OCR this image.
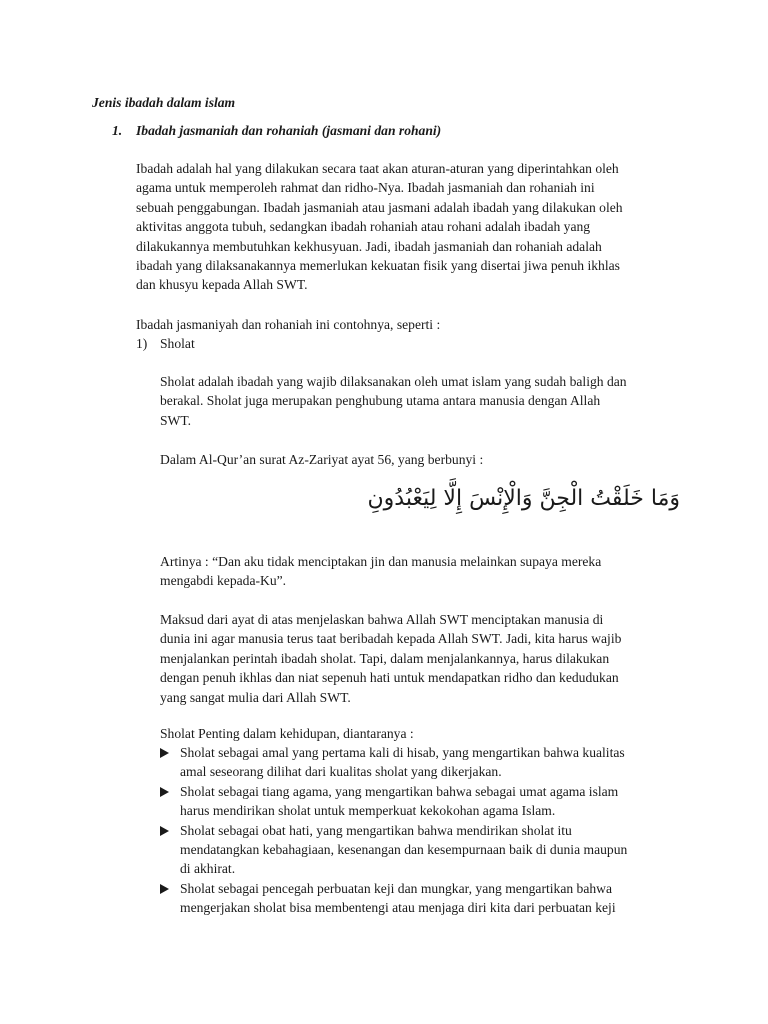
Jenis ibadah dalam islam
1. Ibadah jasmaniah dan rohaniah (jasmani dan rohani)

Ibadah adalah hal yang dilakukan secara taat akan aturan-aturan yang diperintahkan oleh

agama untuk memperoleh rahmat dan ridho-Nya. Ibadah jasmaniah dan rohaniah ini

sebuah penggabungan. Ibadah jasmaniah atau jasmani adalah ibadah yang dilakukan oleh

aktivitas anggota tubuh, sedangkan ibadah rohaniah atau rohani adalah ibadah yang

dilakukannya membutuhkan kekhusyuan. Jadi, ibadah jasmaniah dan rohaniah adalah

ibadah yang dilaksanakannya memerlukan kekuatan fisik yang disertai jiwa penuh ikhlas

dan khusyu kepada Allah SWT.

Ibadah jasmaniyah dan rohaniah ini contohnya, seperti :
1) Sholat

Sholat adalah ibadah yang wajib dilaksanakan oleh umat islam yang sudah baligh dan

berakal. Sholat juga merupakan penghubung utama antara manusia dengan Allah

SWT.

Dalam Al-Qur’an surat Az-Zariyat ayat 56, yang berbunyi :
وَمَا خَلَقْتُ الْجِنَّ وَالْإِنْسَ إِلَّا لِيَعْبُدُونِ

Artinya : “Dan aku tidak menciptakan jin dan manusia melainkan supaya mereka

mengabdi kepada-Ku”.

Maksud dari ayat di atas menjelaskan bahwa Allah SWT menciptakan manusia di

dunia ini agar manusia terus taat beribadah kepada Allah SWT. Jadi, kita harus wajib

menjalankan perintah ibadah sholat. Tapi, dalam menjalankannya, harus dilakukan

dengan penuh ikhlas dan niat sepenuh hati untuk mendapatkan ridho dan kedudukan

yang sangat mulia dari Allah SWT.

Sholat Penting dalam kehidupan, diantaranya :
Sholat sebagai amal yang pertama kali di hisab, yang mengartikan bahwa kualitas
amal seseorang dilihat dari kualitas sholat yang dikerjakan.
Sholat sebagai tiang agama, yang mengartikan bahwa sebagai umat agama islam
harus mendirikan sholat untuk memperkuat kekokohan agama Islam.
Sholat sebagai obat hati, yang mengartikan bahwa mendirikan sholat itu
mendatangkan kebahagiaan, kesenangan dan kesempurnaan baik di dunia maupun
di akhirat.
Sholat sebagai pencegah perbuatan keji dan mungkar, yang mengartikan bahwa
mengerjakan sholat bisa membentengi atau menjaga diri kita dari perbuatan keji
